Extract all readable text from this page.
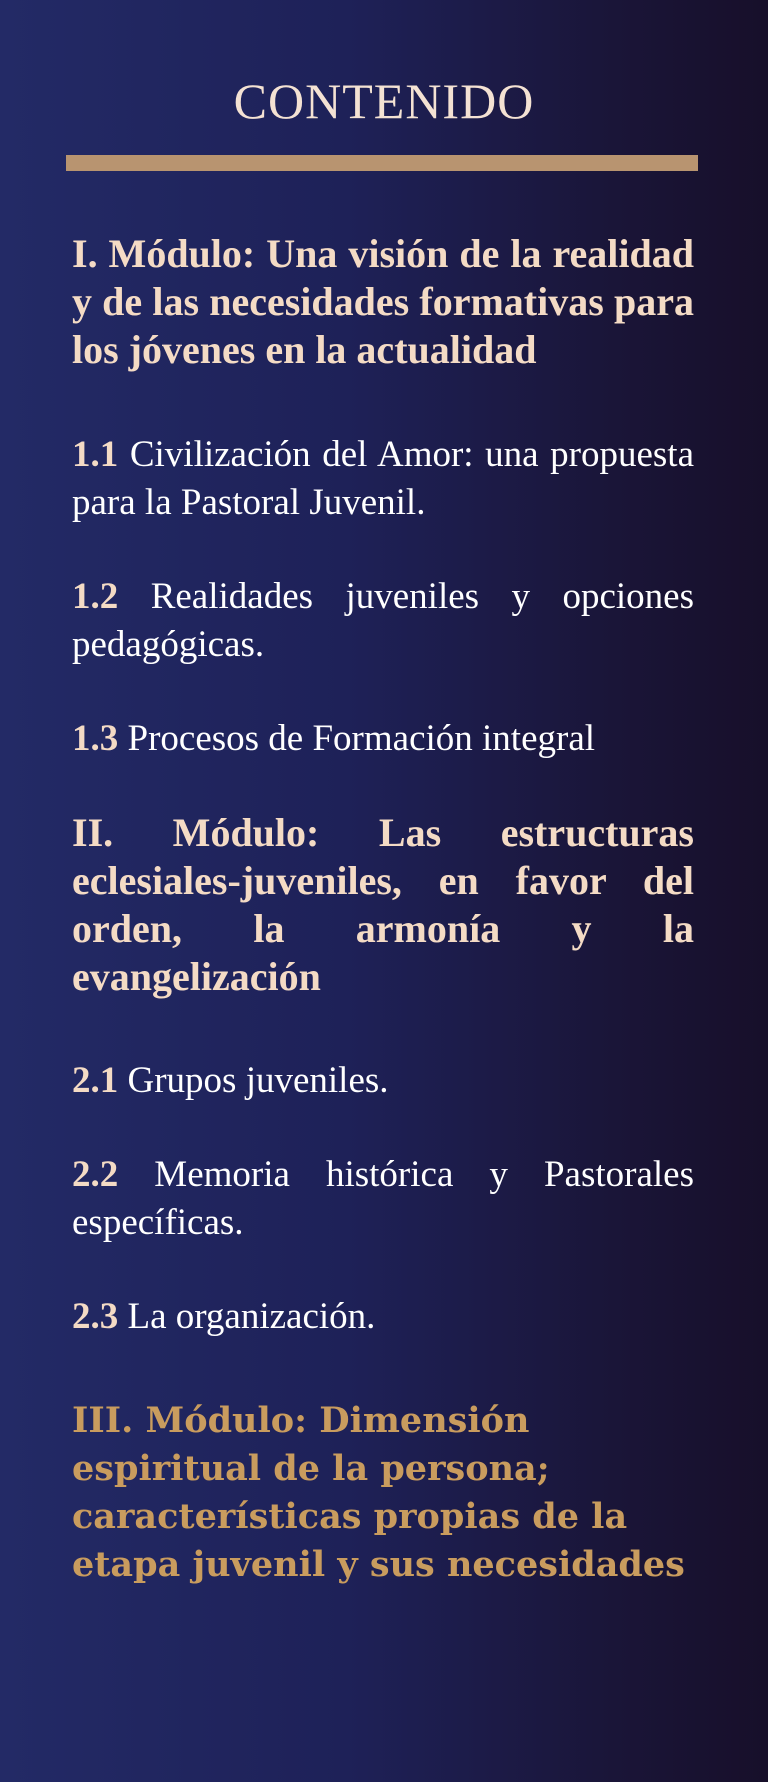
CONTENIDO

I. Módulo: Una visión de la realidad y de las necesidades formativas para los jóvenes en la actualidad

1.1 Civilización del Amor: una propuesta para la Pastoral Juvenil.

1.2 Realidades juveniles y opciones pedagógicas.

1.3 Procesos de Formación integral

II. Módulo: Las estructuras eclesiales-juveniles, en favor del orden, la armonía y la evangelización

2.1 Grupos juveniles.

2.2 Memoria histórica y Pastorales específicas.

2.3 La organización.

III. Módulo: Dimensión espiritual de la persona; características propias de la etapa juvenil y sus necesidades
